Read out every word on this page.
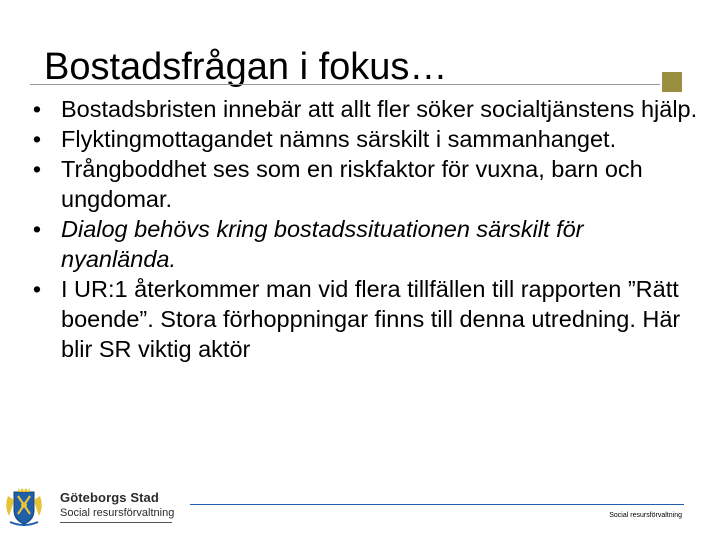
Bostadsfrågan i fokus…
• Bostadsbristen innebär att allt fler söker socialtjänstens hjälp.
• Flyktingmottagandet nämns särskilt i sammanhanget.
• Trångboddhet ses som en riskfaktor för vuxna, barn och ungdomar.
• Dialog behövs kring bostadssituationen särskilt för nyanlända.
• I UR:1 återkommer man vid flera tillfällen till rapporten ”Rätt boende”. Stora förhoppningar finns till denna utredning. Här blir SR viktig aktör
Göteborgs Stad
Social resursförvaltning	Social resursförvaltning
